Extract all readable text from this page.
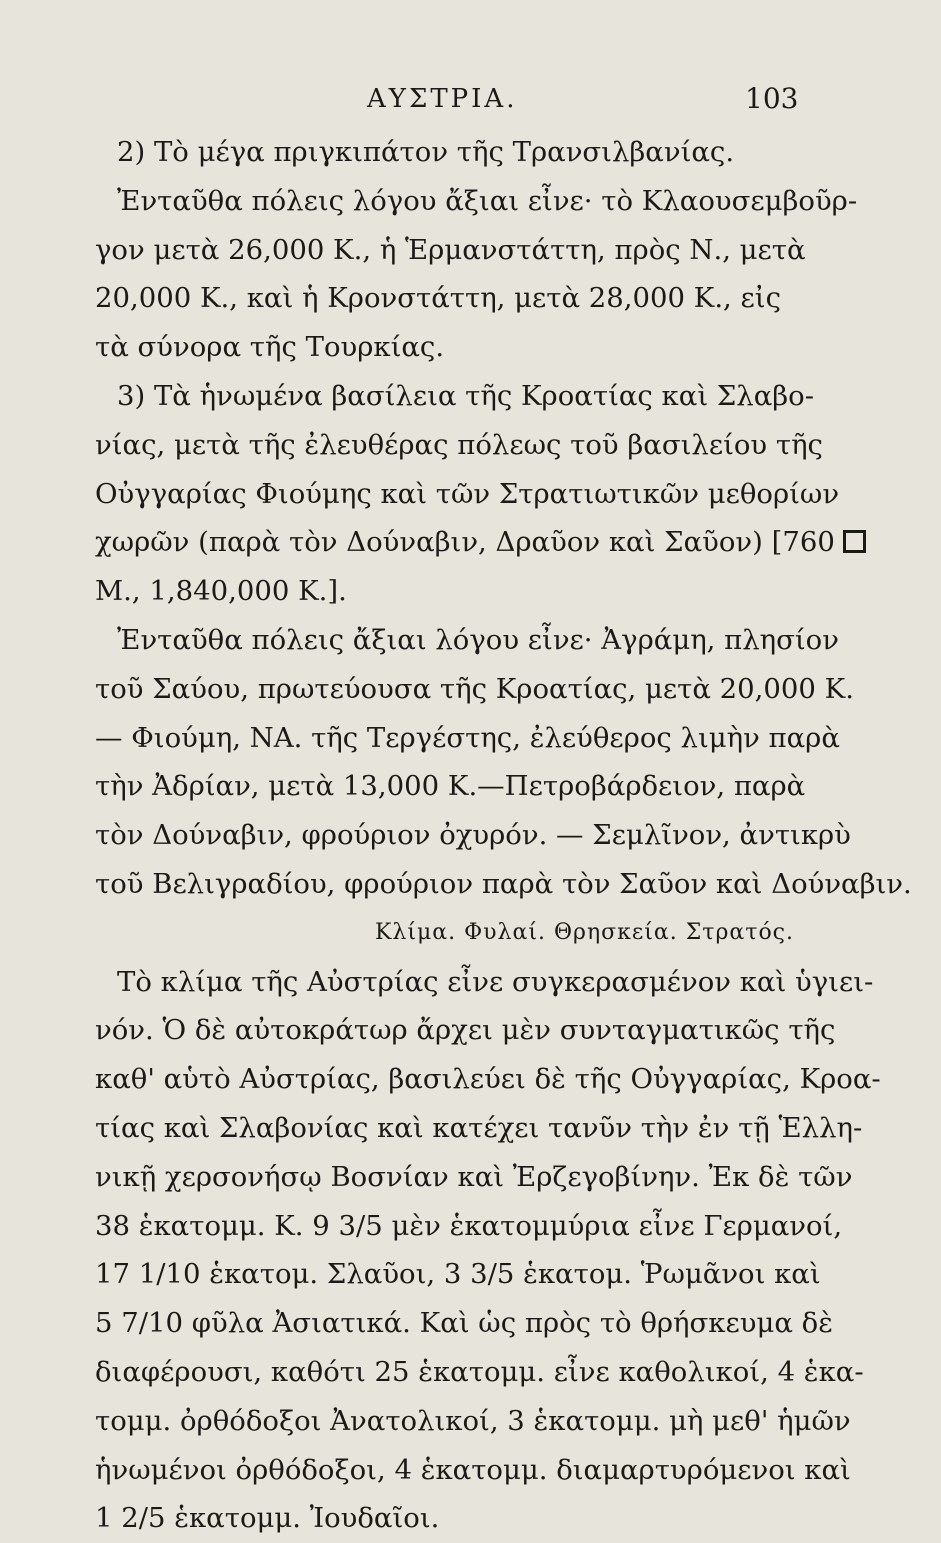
ΑΥΣΤΡΙΑ.	103
2) Τὸ μέγα πριγκιπάτον τῆς Τρανσιλβανίας.
Ἐνταῦθα πόλεις λόγου ἄξιαι εἶνε· τὸ Κλαουσεμβοῦρ-
γον μετὰ 26,000 Κ., ἡ Ἑρμανστάττη, πρὸς Ν., μετὰ
20,000 Κ., καὶ ἡ Κρονστάττη, μετὰ 28,000 Κ., εἰς
τὰ σύνορα τῆς Τουρκίας.
3) Τὰ ἡνωμένα βασίλεια τῆς Κροατίας καὶ Σλαβο-
νίας, μετὰ τῆς ἐλευθέρας πόλεως τοῦ βασιλείου τῆς
Οὐγγαρίας Φιούμης καὶ τῶν Στρατιωτικῶν μεθορίων
χωρῶν (παρὰ τὸν Δούναβιν, Δραῦον καὶ Σαῦον) [760
Μ., 1,840,000 Κ.].
Ἐνταῦθα πόλεις ἄξιαι λόγου εἶνε· Ἀγράμη, πλησίον
τοῦ Σαύου, πρωτεύουσα τῆς Κροατίας, μετὰ 20,000 Κ.
— Φιούμη, ΝΑ. τῆς Τεργέστης, ἐλεύθερος λιμὴν παρὰ
τὴν Ἀδρίαν, μετὰ 13,000 Κ.—Πετροβάρδειον, παρὰ
τὸν Δούναβιν, φρούριον ὀχυρόν. — Σεμλῖνον, ἀντικρὺ
τοῦ Βελιγραδίου, φρούριον παρὰ τὸν Σαῦον καὶ Δούναβιν.
Κλίμα. Φυλαί. Θρησκεία. Στρατός.
Τὸ κλίμα τῆς Αὐστρίας εἶνε συγκερασμένον καὶ ὑγιει-
νόν. Ὁ δὲ αὐτοκράτωρ ἄρχει μὲν συνταγματικῶς τῆς
καθ' αὑτὸ Αὐστρίας, βασιλεύει δὲ τῆς Οὐγγαρίας, Κροα-
τίας καὶ Σλαβονίας καὶ κατέχει τανῦν τὴν ἐν τῇ Ἑλλη-
νικῇ χερσονήσῳ Βοσνίαν καὶ Ἐρζεγοβίνην. Ἐκ δὲ τῶν
38 ἑκατομμ. Κ. 9 3/5 μὲν ἑκατομμύρια εἶνε Γερμανοί,
17 1/10 ἑκατομ. Σλαῦοι, 3 3/5 ἑκατομ. Ῥωμᾶνοι καὶ
5 7/10 φῦλα Ἀσιατικά. Καὶ ὡς πρὸς τὸ θρήσκευμα δὲ
διαφέρουσι, καθότι 25 ἑκατομμ. εἶνε καθολικοί, 4 ἑκα-
τομμ. ὀρθόδοξοι Ἀνατολικοί, 3 ἑκατομμ. μὴ μεθ' ἡμῶν
ἡνωμένοι ὀρθόδοξοι, 4 ἑκατομμ. διαμαρτυρόμενοι καὶ
1 2/5 ἑκατομμ. Ἰουδαῖοι.
